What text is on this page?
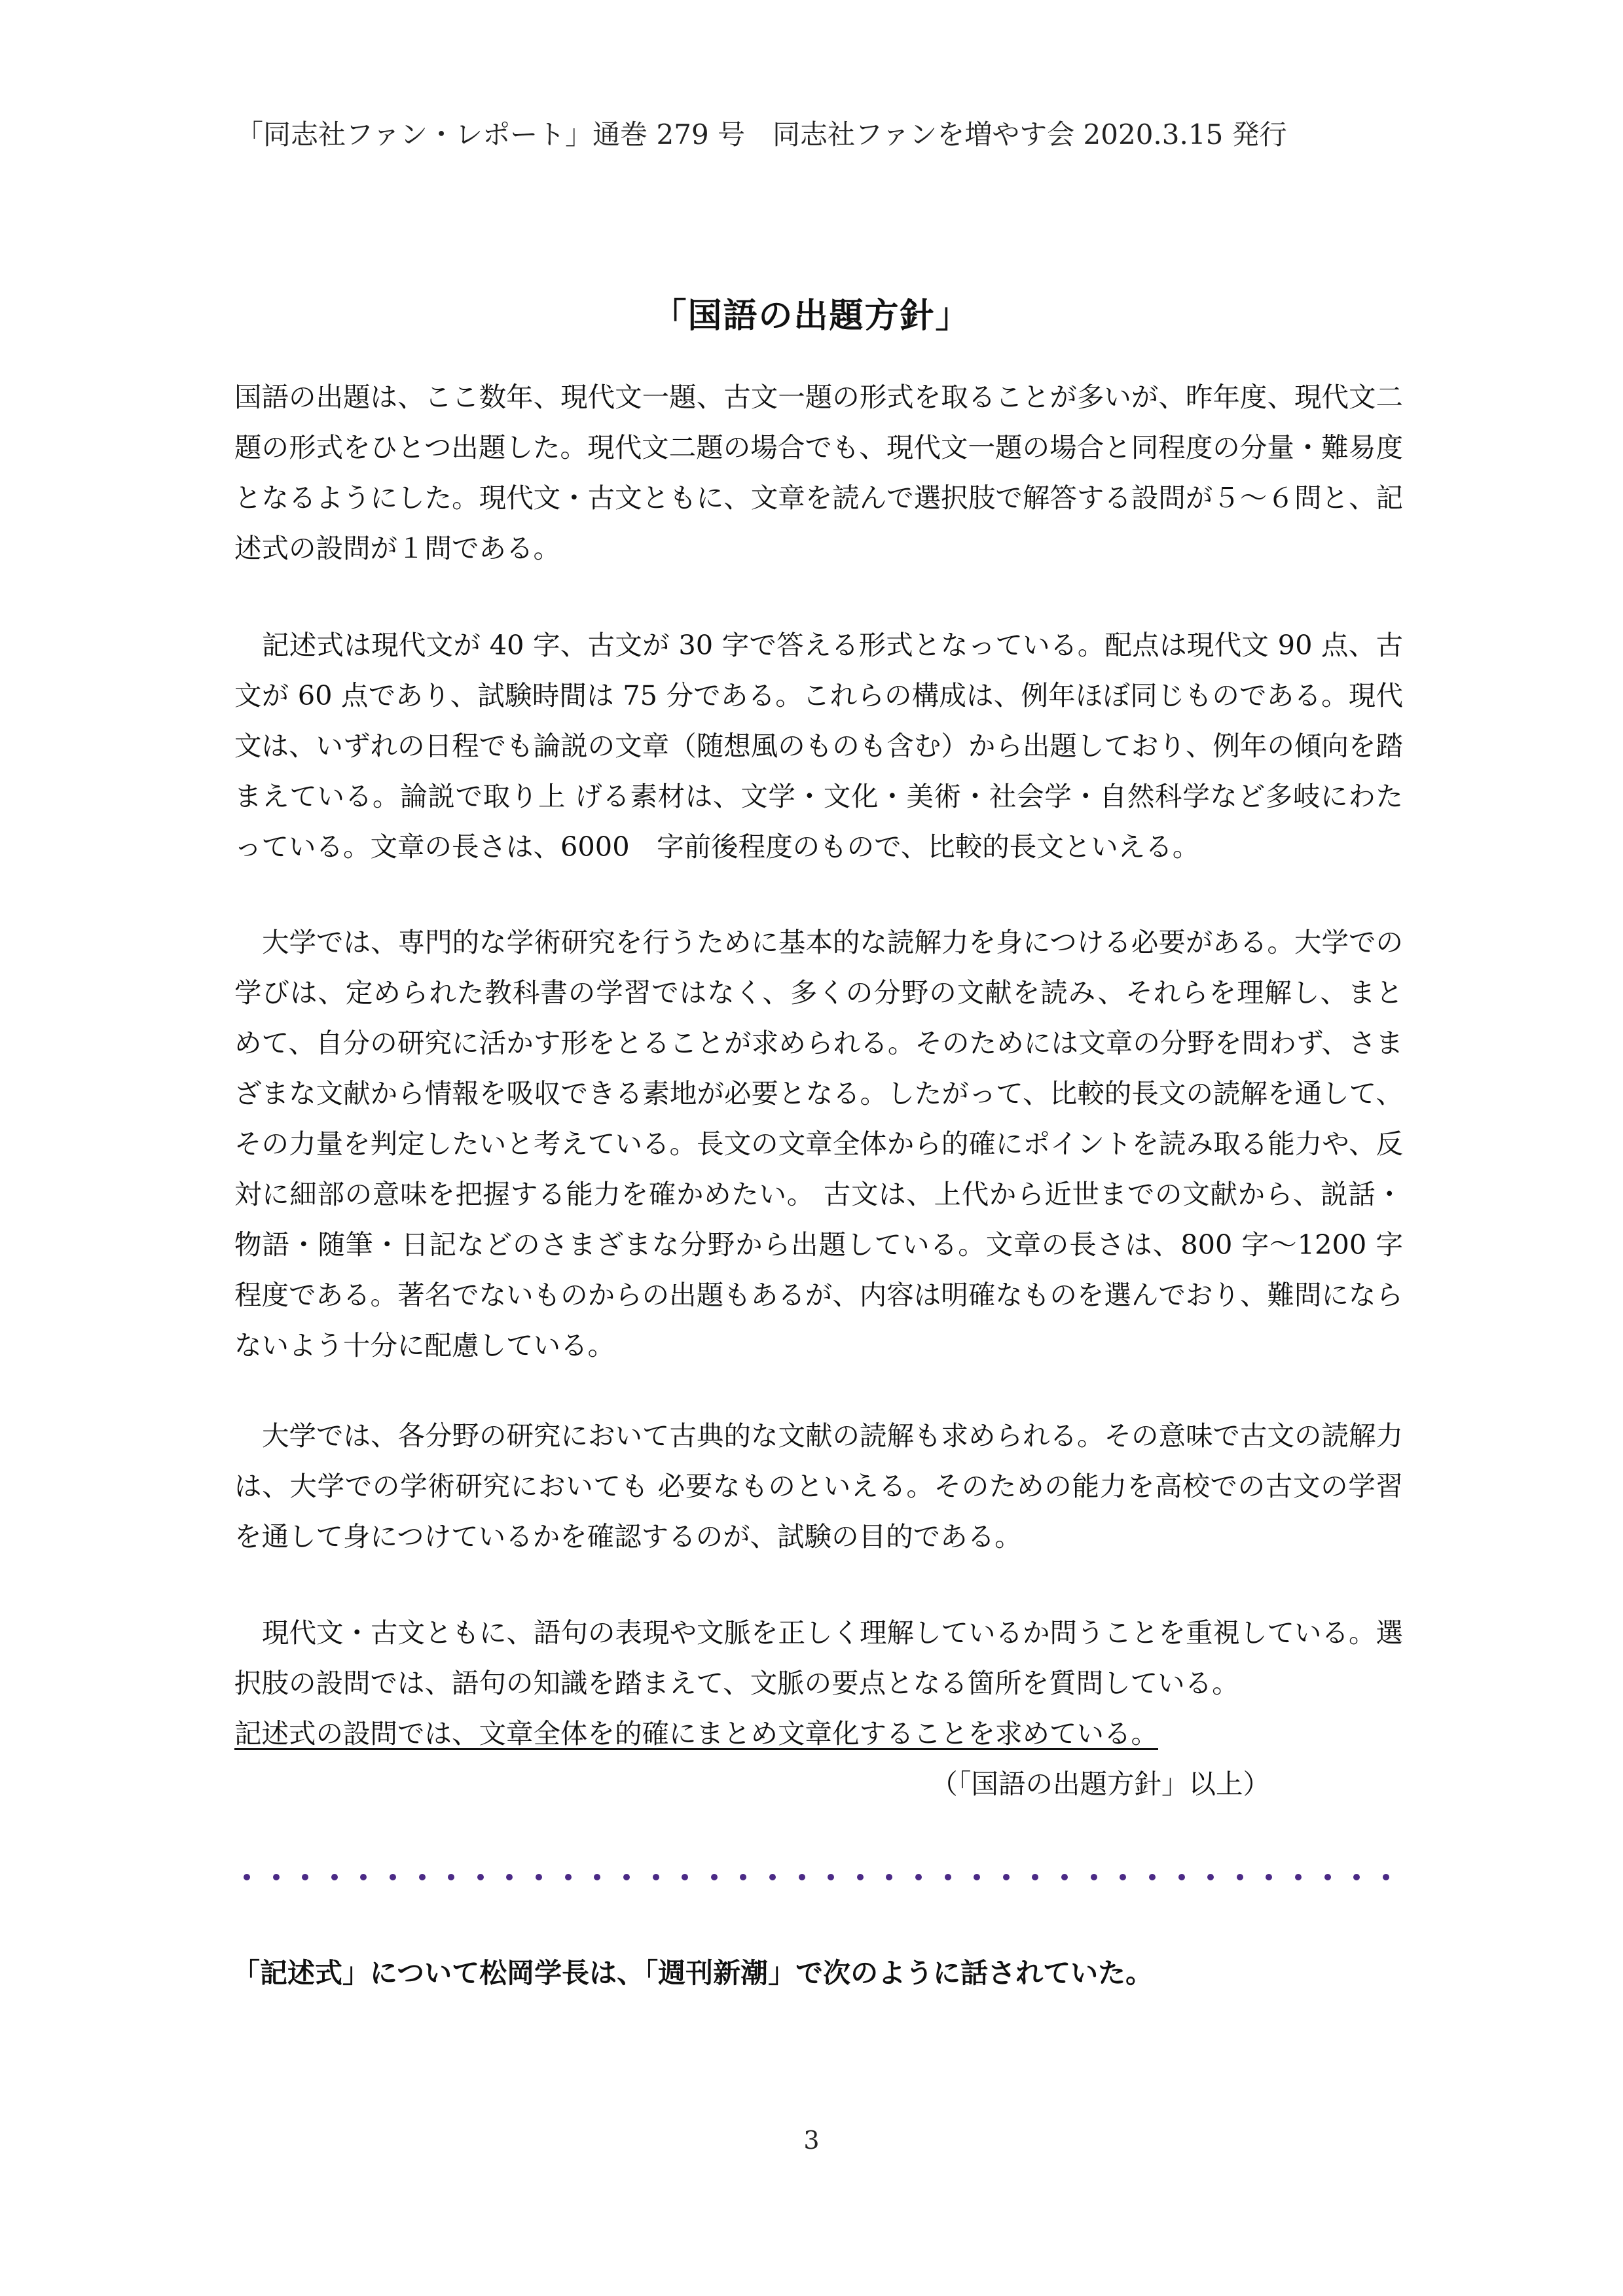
「同志社ファン・レポート」通巻 279 号　同志社ファンを増やす会 2020.3.15 発行
「国語の出題方針」
国語の出題は、ここ数年、現代文一題、古文一題の形式を取ることが多いが、昨年度、現代文二題の形式をひとつ出題した。現代文二題の場合でも、現代文一題の場合と同程度の分量・難易度となるようにした。現代文・古文ともに、文章を読んで選択肢で解答する設問が５～６問と、記述式の設問が１問である。
記述式は現代文が 40 字、古文が 30 字で答える形式となっている。配点は現代文 90 点、古文が 60 点であり、試験時間は 75 分である。これらの構成は、例年ほぼ同じものである。現代文は、いずれの日程でも論説の文章（随想風のものも含む）から出題しており、例年の傾向を踏まえている。論説で取り上 げる素材は、文学・文化・美術・社会学・自然科学など多岐にわたっている。文章の長さは、6000　字前後程度のもので、比較的長文といえる。
大学では、専門的な学術研究を行うために基本的な読解力を身につける必要がある。大学での学びは、定められた教科書の学習ではなく、多くの分野の文献を読み、それらを理解し、まとめて、自分の研究に活かす形をとることが求められる。そのためには文章の分野を問わず、さまざまな文献から情報を吸収できる素地が必要となる。したがって、比較的長文の読解を通して、その力量を判定したいと考えている。長文の文章全体から的確にポイントを読み取る能力や、反対に細部の意味を把握する能力を確かめたい。 古文は、上代から近世までの文献から、説話・物語・随筆・日記などのさまざまな分野から出題している。文章の長さは、800 字～1200 字程度である。著名でないものからの出題もあるが、内容は明確なものを選んでおり、難問にならないよう十分に配慮している。
大学では、各分野の研究において古典的な文献の読解も求められる。その意味で古文の読解力は、大学での学術研究においても 必要なものといえる。そのための能力を高校での古文の学習を通して身につけているかを確認するのが、試験の目的である。
現代文・古文ともに、語句の表現や文脈を正しく理解しているか問うことを重視している。選択肢の設問では、語句の知識を踏まえて、文脈の要点となる箇所を質問している。
記述式の設問では、文章全体を的確にまとめ文章化することを求めている。
（「国語の出題方針」以上）
「記述式」について松岡学長は、「週刊新潮」で次のように話されていた。
3
